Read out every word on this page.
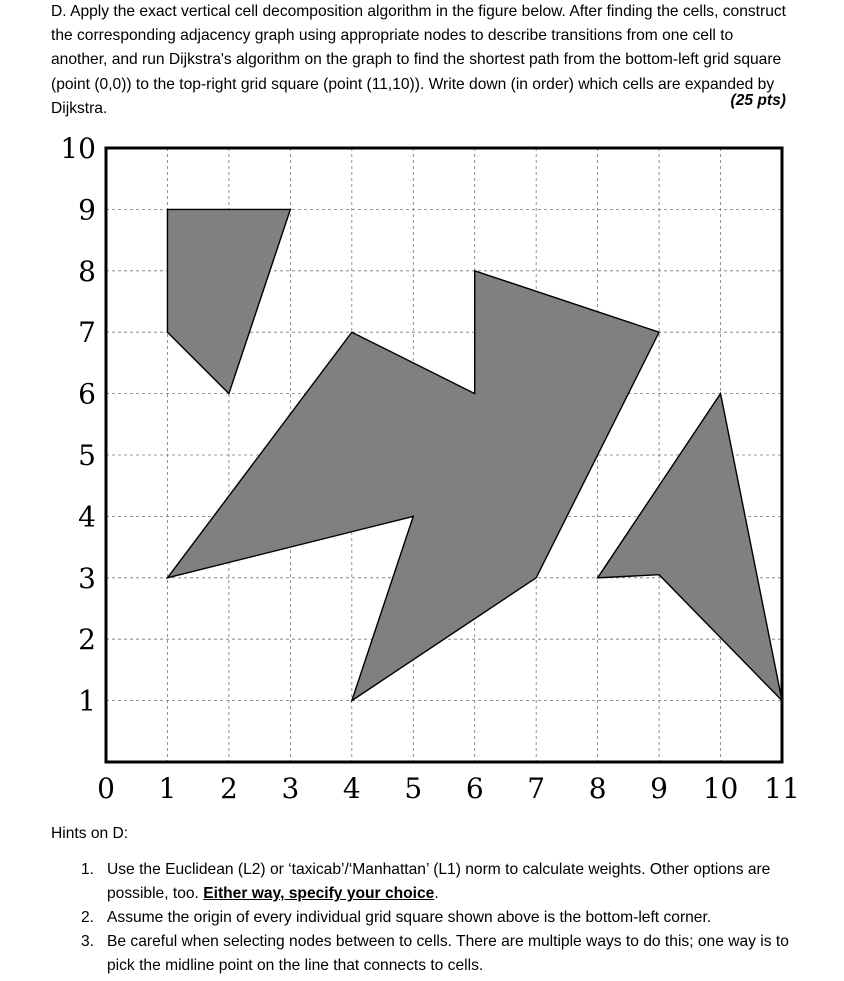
D. Apply the exact vertical cell decomposition algorithm in the figure below. After finding the cells, construct the corresponding adjacency graph using appropriate nodes to describe transitions from one cell to another, and run Dijkstra's algorithm on the graph to find the shortest path from the bottom-left grid square (point (0,0)) to the top-right grid square (point (11,10)). Write down (in order) which cells are expanded by Dijkstra.	(25 pts)
0 1 2 3 4 5 6 7 8 9 10 11
1
2
3
4
5
6
7
8
9
10

Hints on D:

1. Use the Euclidean (L2) or ‘taxicab’/‘Manhattan’ (L1) norm to calculate weights. Other options are possible, too. Either way, specify your choice.
2. Assume the origin of every individual grid square shown above is the bottom-left corner.
3. Be careful when selecting nodes between to cells. There are multiple ways to do this; one way is to pick the midline point on the line that connects to cells.
